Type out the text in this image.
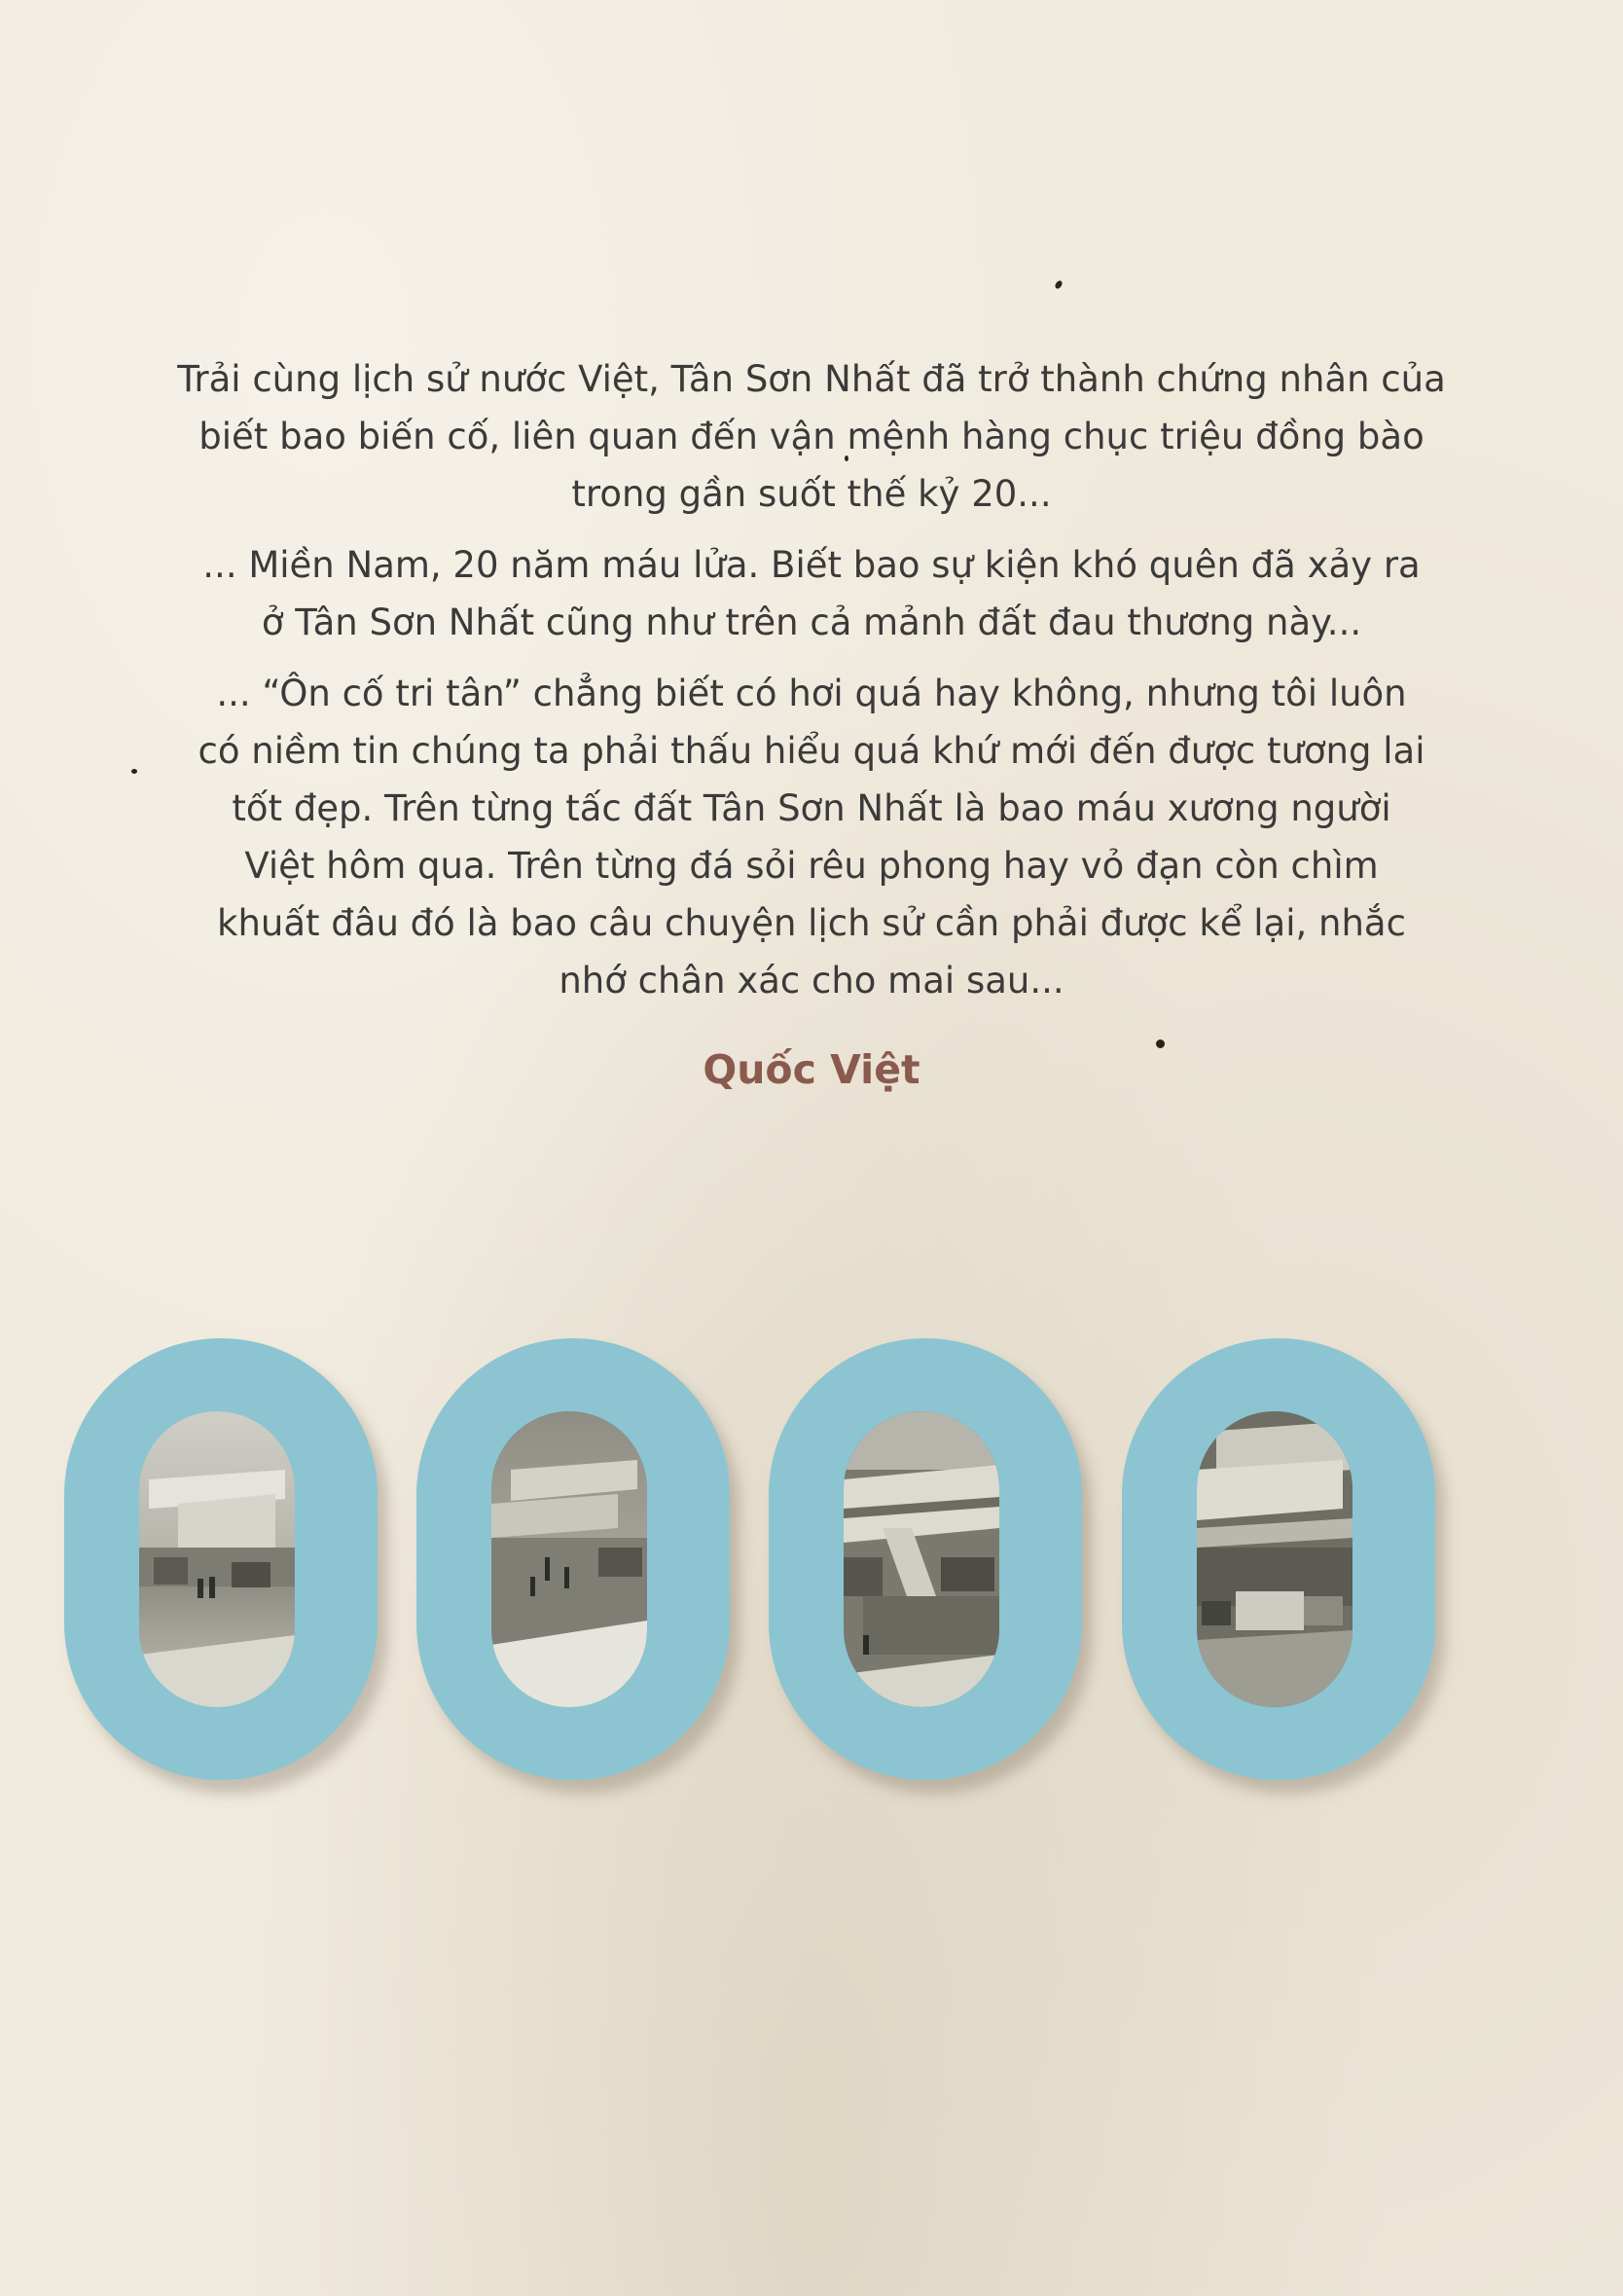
Trải cùng lịch sử nước Việt, Tân Sơn Nhất đã trở thành chứng nhân của
biết bao biến cố, liên quan đến vận mệnh hàng chục triệu đồng bào
trong gần suốt thế kỷ 20...
... Miền Nam, 20 năm máu lửa. Biết bao sự kiện khó quên đã xảy ra
ở Tân Sơn Nhất cũng như trên cả mảnh đất đau thương này...
... “Ôn cố tri tân” chẳng biết có hơi quá hay không, nhưng tôi luôn
có niềm tin chúng ta phải thấu hiểu quá khứ mới đến được tương lai
tốt đẹp. Trên từng tấc đất Tân Sơn Nhất là bao máu xương người
Việt hôm qua. Trên từng đá sỏi rêu phong hay vỏ đạn còn chìm
khuất đâu đó là bao câu chuyện lịch sử cần phải được kể lại, nhắc
nhớ chân xác cho mai sau...
Quốc Việt
